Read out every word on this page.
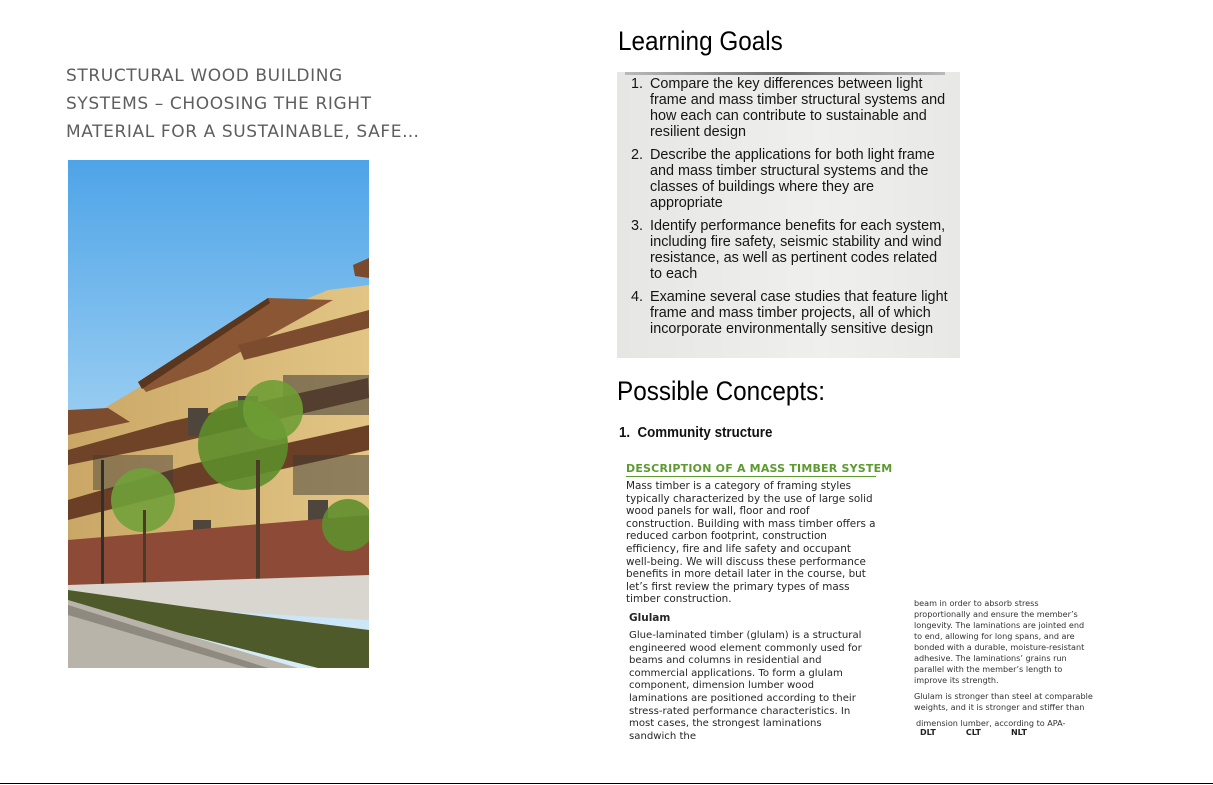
STRUCTURAL WOOD BUILDING
SYSTEMS – CHOOSING THE RIGHT
MATERIAL FOR A SUSTAINABLE, SAFE…
Learning Goals
1. Compare the key differences between light frame and mass timber structural systems and how each can contribute to sustainable and resilient design
2. Describe the applications for both light frame and mass timber structural systems and the classes of buildings where they are appropriate
3. Identify performance benefits for each system, including fire safety, seismic stability and wind resistance, as well as pertinent codes related to each
4. Examine several case studies that feature light frame and mass timber projects, all of which incorporate environmentally sensitive design
Possible Concepts:
1. Community structure
DESCRIPTION OF A MASS TIMBER SYSTEM

Mass timber is a category of framing styles typically characterized by the use of large solid wood panels for wall, floor and roof construction. Building with mass timber offers a reduced carbon footprint, construction efficiency, fire and life safety and occupant well-being. We will discuss these performance benefits in more detail later in the course, but let’s first review the primary types of mass timber construction.

Glulam

Glue-laminated timber (glulam) is a structural engineered wood element commonly used for beams and columns in residential and commercial applications. To form a glulam component, dimension lumber wood laminations are positioned according to their stress-rated performance characteristics. In most cases, the strongest laminations sandwich the

beam in order to absorb stress proportionally and ensure the member’s longevity. The laminations are jointed end to end, allowing for long spans, and are bonded with a durable, moisture-resistant adhesive. The laminations’ grains run parallel with the member’s length to improve its strength.

Glulam is stronger than steel at comparable weights, and it is stronger and stiffer than

dimension lumber, according to APA-

DLT	CLT	NLT
